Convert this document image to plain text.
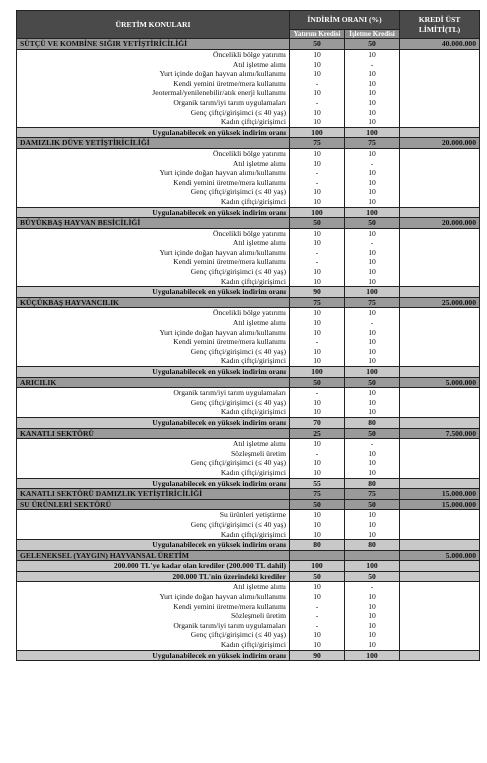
ÜRETİM KONULARI	İNDİRİM ORANI (%)		KREDİ ÜST LİMİTİ(TL)
	Yatırım Kredisi	İşletme Kredisi	
SÜTÇÜ VE KOMBİNE SIĞIR YETİŞTİRİCİLİĞİ	50	50	40.000.000
Öncelikli bölge yatırımı	10	10	
Atıl işletme alımı	10	-	
Yurt içinde doğan hayvan alımı/kullanımı	10	10	
Kendi yemini üretme/mera kullanımı	-	10	
Jeotermal/yenilenebilir/atık enerji kullanımı	10	10	
Organik tarım/iyi tarım uygulamaları	-	10	
Genç çiftçi/girişimci (≤ 40 yaş)	10	10	
Kadın çiftçi/girişimci	10	10	
Uygulanabilecek en yüksek indirim oranı	100	100	
DAMIZLIK DÜVE YETİŞTİRİCİLİĞİ	75	75	20.000.000
Öncelikli bölge yatırımı	10	10	
Atıl işletme alımı	10	-	
Yurt içinde doğan hayvan alımı/kullanımı	-	10	
Kendi yemini üretme/mera kullanımı	-	10	
Genç çiftçi/girişimci (≤ 40 yaş)	10	10	
Kadın çiftçi/girişimci	10	10	
Uygulanabilecek en yüksek indirim oranı	100	100	
BÜYÜKBAŞ HAYVAN BESİCİLİĞİ	50	50	20.000.000
Öncelikli bölge yatırımı	10	10	
Atıl işletme alımı	10	-	
Yurt içinde doğan hayvan alımı/kullanımı	-	10	
Kendi yemini üretme/mera kullanımı	-	10	
Genç çiftçi/girişimci (≤ 40 yaş)	10	10	
Kadın çiftçi/girişimci	10	10	
Uygulanabilecek en yüksek indirim oranı	90	100	
KÜÇÜKBAŞ HAYVANCILIK	75	75	25.000.000
Öncelikli bölge yatırımı	10	10	
Atıl işletme alımı	10	-	
Yurt içinde doğan hayvan alımı/kullanımı	10	10	
Kendi yemini üretme/mera kullanımı	-	10	
Genç çiftçi/girişimci (≤ 40 yaş)	10	10	
Kadın çiftçi/girişimci	10	10	
Uygulanabilecek en yüksek indirim oranı	100	100	
ARICILIK	50	50	5.000.000
Organik tarım/iyi tarım uygulamaları	-	10	
Genç çiftçi/girişimci (≤ 40 yaş)	10	10	
Kadın çiftçi/girişimci	10	10	
Uygulanabilecek en yüksek indirim oranı	70	80	
KANATLI SEKTÖRÜ	25	50	7.500.000
Atıl işletme alımı	10	-	
Sözleşmeli üretim	-	10	
Genç çiftçi/girişimci (≤ 40 yaş)	10	10	
Kadın çiftçi/girişimci	10	10	
Uygulanabilecek en yüksek indirim oranı	55	80	
KANATLI SEKTÖRÜ DAMIZLIK YETİŞTİRİCİLİĞİ	75	75	15.000.000
SU ÜRÜNLERİ SEKTÖRÜ	50	50	15.000.000
Su ürünleri yetiştirme	10	10	
Genç çiftçi/girişimci (≤ 40 yaş)	10	10	
Kadın çiftçi/girişimci	10	10	
Uygulanabilecek en yüksek indirim oranı	80	80	
GELENEKSEL (YAYGIN) HAYVANSAL ÜRETİM			5.000.000
200.000 TL'ye kadar olan krediler (200.000 TL dahil)	100	100	
200.000 TL'nin üzerindeki krediler	50	50	
Atıl işletme alımı	10	-	
Yurt içinde doğan hayvan alımı/kullanımı	10	10	
Kendi yemini üretme/mera kullanımı	-	10	
Sözleşmeli üretim	-	10	
Organik tarım/iyi tarım uygulamaları	-	10	
Genç çiftçi/girişimci (≤ 40 yaş)	10	10	
Kadın çiftçi/girişimci	10	10	
Uygulanabilecek en yüksek indirim oranı	90	100	
